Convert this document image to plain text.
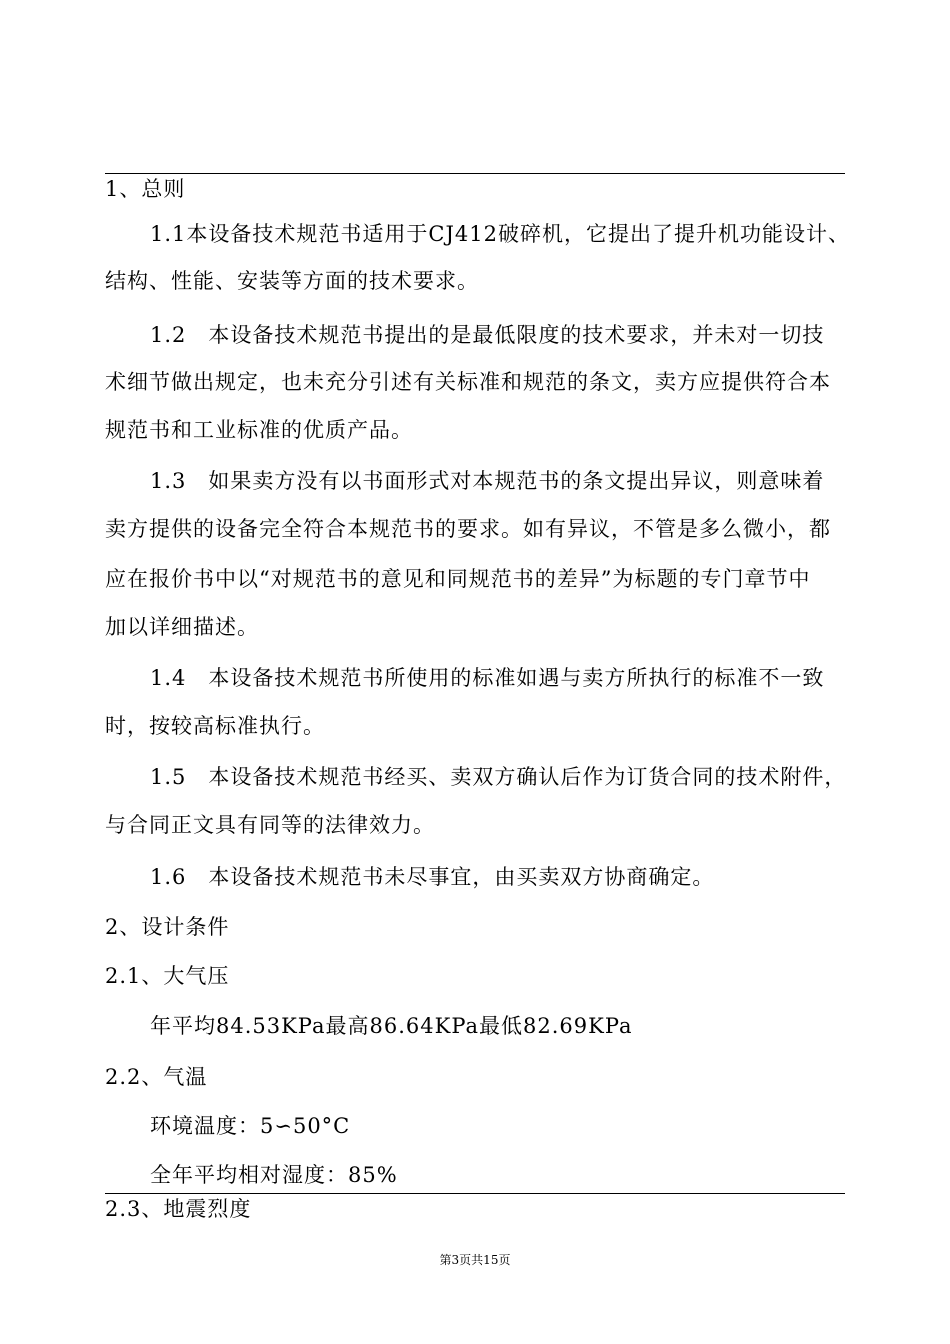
1、总则
1.1本设备技术规范书适用于CJ412破碎机，它提出了提升机功能设计、
结构、性能、安装等方面的技术要求。
1.2　本设备技术规范书提出的是最低限度的技术要求，并未对一切技
术细节做出规定，也未充分引述有关标准和规范的条文，卖方应提供符合本
规范书和工业标准的优质产品。
1.3　如果卖方没有以书面形式对本规范书的条文提出异议，则意味着
卖方提供的设备完全符合本规范书的要求。如有异议，不管是多么微小，都
应在报价书中以“对规范书的意见和同规范书的差异”为标题的专门章节中
加以详细描述。
1.4　本设备技术规范书所使用的标准如遇与卖方所执行的标准不一致
时，按较高标准执行。
1.5　本设备技术规范书经买、卖双方确认后作为订货合同的技术附件，
与合同正文具有同等的法律效力。
1.6　本设备技术规范书未尽事宜，由买卖双方协商确定。
2、设计条件
2.1、大气压
年平均84.53KPa最高86.64KPa最低82.69KPa
2.2、气温
环境温度：5∽50°C
全年平均相对湿度：85%
2.3、地震烈度
第3页共15页
